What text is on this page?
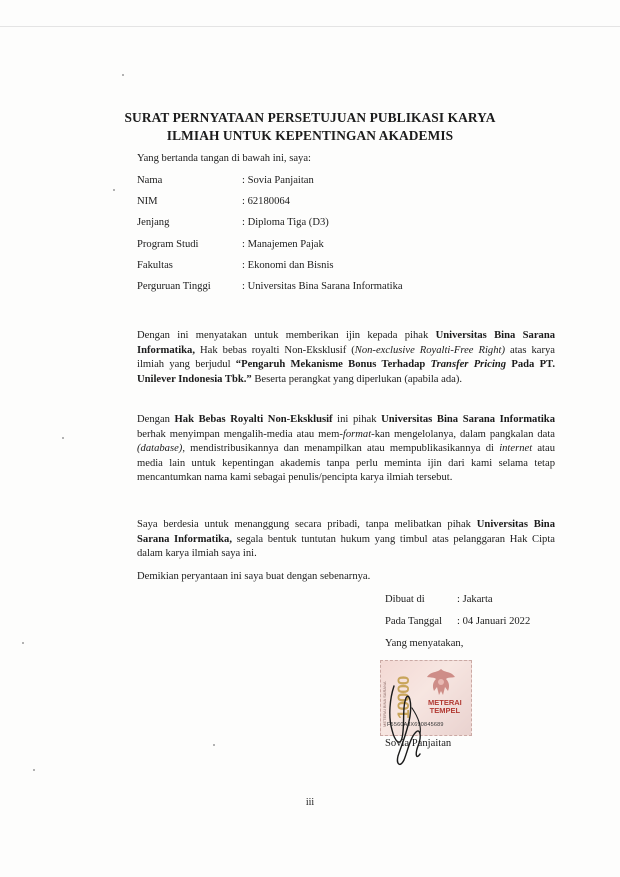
SURAT PERNYATAAN PERSETUJUAN PUBLIKASI KARYA
ILMIAH UNTUK KEPENTINGAN AKADEMIS
Yang bertanda tangan di bawah ini, saya:
Nama	: Sovia Panjaitan
NIM	: 62180064
Jenjang	: Diploma Tiga (D3)
Program Studi	: Manajemen Pajak
Fakultas	: Ekonomi dan Bisnis
Perguruan Tinggi	: Universitas Bina Sarana Informatika
Dengan ini menyatakan untuk memberikan ijin kepada pihak Universitas Bina Sarana Informatika, Hak bebas royalti Non-Eksklusif (Non-exclusive Royalti-Free Right) atas karya ilmiah yang berjudul “Pengaruh Mekanisme Bonus Terhadap Transfer Pricing Pada PT. Unilever Indonesia Tbk.” Beserta perangkat yang diperlukan (apabila ada).
Dengan Hak Bebas Royalti Non-Eksklusif ini pihak Universitas Bina Sarana Informatika berhak menyimpan mengalih-media atau mem-format-kan mengelolanya, dalam pangkalan data (database), mendistribusikannya dan menampilkan atau mempublikasikannya di internet atau media lain untuk kepentingan akademis tanpa perlu meminta ijin dari kami selama tetap mencantumkan nama kami sebagai penulis/pencipta karya ilmiah tersebut.
Saya berdesia untuk menanggung secara pribadi, tanpa melibatkan pihak Universitas Bina Sarana Informatika, segala bentuk tuntutan hukum yang timbul atas pelanggaran Hak Cipta dalam karya ilmiah saya ini.
Demikian peryantaan ini saya buat dengan sebenarnya.
Dibuat di	: Jakarta
Pada Tanggal : 04 Januari 2022
Yang menyatakan,
METERAI BINA SARANA 10000 METERAI
TEMPEL
F5560AJX690845689
Sovia Panjaitan
iii
